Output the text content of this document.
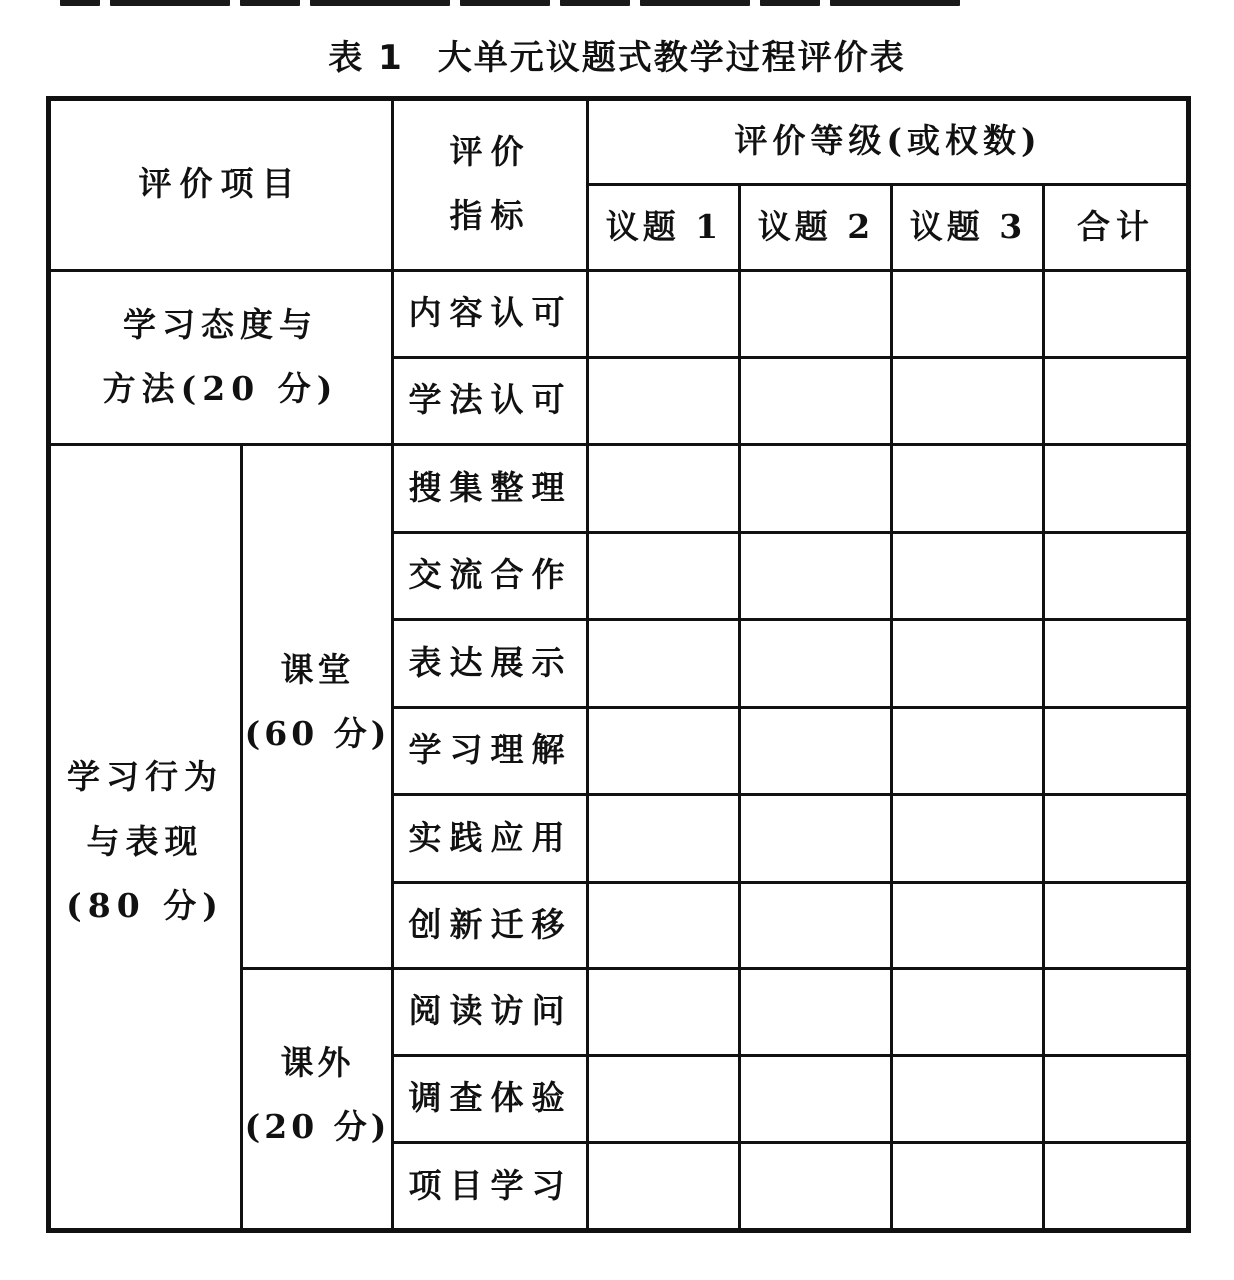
表 1 大单元议题式教学过程评价表
评价项目
评价
指标
评价等级(或权数)
议题 1 议题 2 议题 3 合计
学习态度与
方法(20 分)
内容认可
学法认可
学习行为
与表现
(80 分)
课堂
(60 分)
课外
(20 分)
搜集整理
交流合作
表达展示
学习理解
实践应用
创新迁移
阅读访问
调查体验
项目学习
